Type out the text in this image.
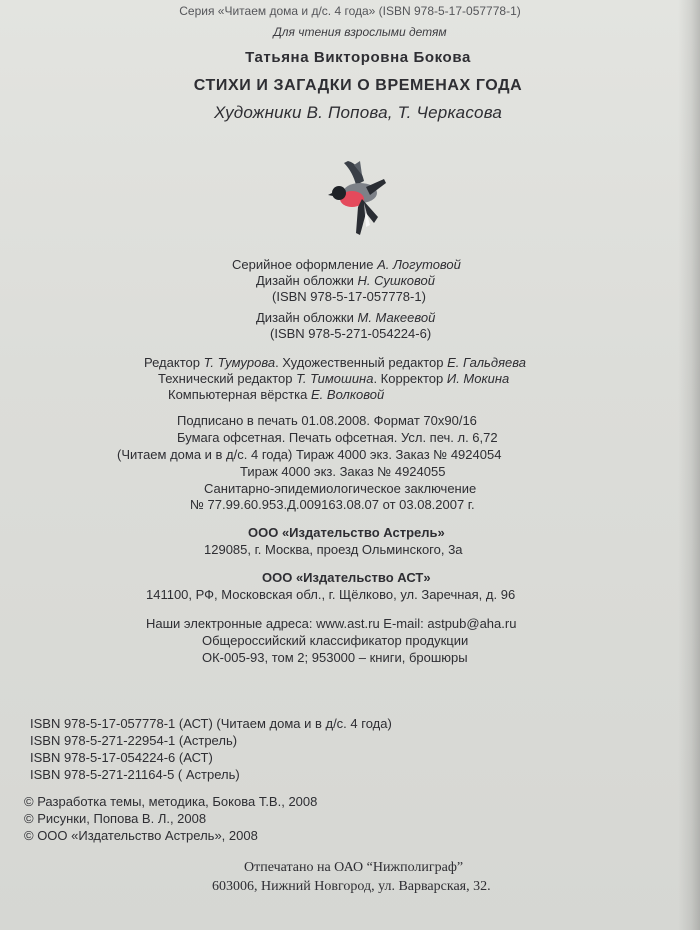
Серия «Читаем дома и д/с. 4 года» (ISBN 978-5-17-057778-1)
Для чтения взрослыми детям
Татьяна Викторовна Бокова
СТИХИ И ЗАГАДКИ О ВРЕМЕНАХ ГОДА
Художники В. Попова, Т. Черкасова
Серийное оформление А. Логутовой
Дизайн обложки Н. Сушковой
(ISBN 978-5-17-057778-1)
Дизайн обложки М. Макеевой
(ISBN 978-5-271-054224-6)
Редактор Т. Тумурова. Художественный редактор Е. Гальдяева
Технический редактор Т. Тимошина. Корректор И. Мокина
Компьютерная вёрстка Е. Волковой
Подписано в печать 01.08.2008. Формат 70х90/16
Бумага офсетная. Печать офсетная. Усл. печ. л. 6,72
(Читаем дома и в д/с. 4 года) Тираж 4000 экз. Заказ № 4924054
Тираж 4000 экз. Заказ № 4924055
Санитарно-эпидемиологическое заключение
№ 77.99.60.953.Д.009163.08.07 от 03.08.2007 г.
ООО «Издательство Астрель»
129085, г. Москва, проезд Ольминского, 3а
ООО «Издательство АСТ»
141100, РФ, Московская обл., г. Щёлково, ул. Заречная, д. 96
Наши электронные адреса: www.ast.ru E-mail: astpub@aha.ru
Общероссийский классификатор продукции
ОК-005-93, том 2; 953000 – книги, брошюры
ISBN 978-5-17-057778-1 (АСТ) (Читаем дома и в д/с. 4 года)
ISBN 978-5-271-22954-1 (Астрель)
ISBN 978-5-17-054224-6 (АСТ)
ISBN 978-5-271-21164-5 ( Астрель)
© Разработка темы, методика, Бокова Т.В., 2008
© Рисунки, Попова В. Л., 2008
© ООО «Издательство Астрель», 2008
Отпечатано на ОАО “Нижполиграф”
603006, Нижний Новгород, ул. Варварская, 32.
